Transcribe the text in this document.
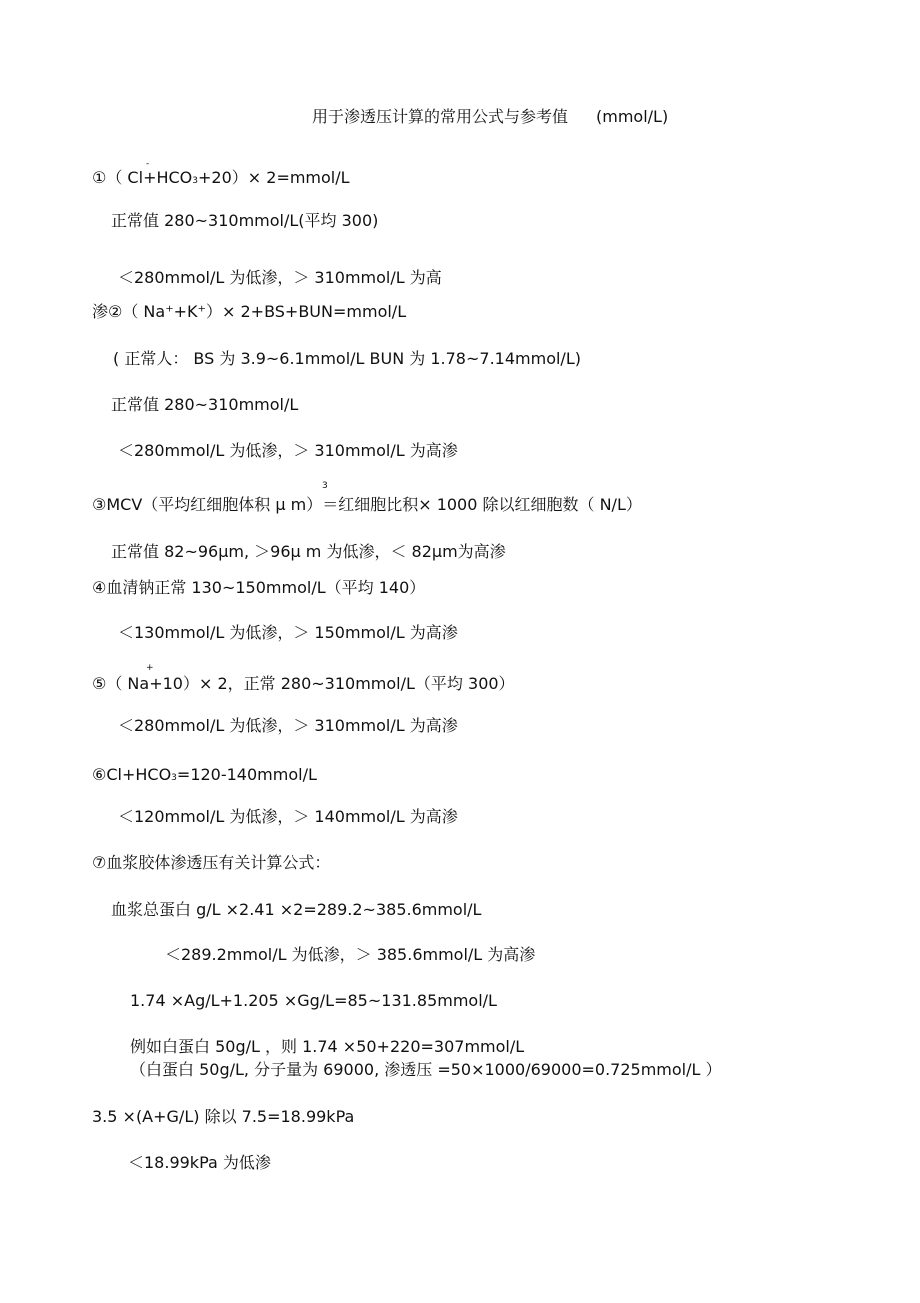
用于渗透压计算的常用公式与参考值 (mmol/L)
①（ Cl+HCO3+20）× 2=mmol/L
-
正常值 280~310mmol/L(平均 300)
＜280mmol/L 为低渗，＞ 310mmol/L 为高
渗②（ Na⁺+K⁺）× 2+BS+BUN=mmol/L
( 正常人： BS 为 3.9~6.1mmol/L BUN 为 1.78~7.14mmol/L)
正常值 280~310mmol/L
＜280mmol/L 为低渗，＞ 310mmol/L 为高渗
3
③MCV（平均红细胞体积 μ m）＝红细胞比积× 1000 除以红细胞数（ N/L）
正常值 82~96μm, ＞96μ m 为低渗，＜ 82μm为高渗
④血清钠正常 130~150mmol/L（平均 140）
＜130mmol/L 为低渗，＞ 150mmol/L 为高渗
+
⑤（ Na+10）× 2，正常 280~310mmol/L（平均 300）
＜280mmol/L 为低渗，＞ 310mmol/L 为高渗
⑥Cl+HCO3=120-140mmol/L
＜120mmol/L 为低渗，＞ 140mmol/L 为高渗
⑦血浆胶体渗透压有关计算公式：
血浆总蛋白 g/L ×2.41 ×2=289.2~385.6mmol/L
＜289.2mmol/L 为低渗，＞ 385.6mmol/L 为高渗
1.74 ×Ag/L+1.205 ×Gg/L=85~131.85mmol/L
例如白蛋白 50g/L ，则 1.74 ×50+220=307mmol/L
（白蛋白 50g/L, 分子量为 69000, 渗透压 =50×1000/69000=0.725mmol/L ）
3.5 ×(A+G/L) 除以 7.5=18.99kPa
＜18.99kPa 为低渗
